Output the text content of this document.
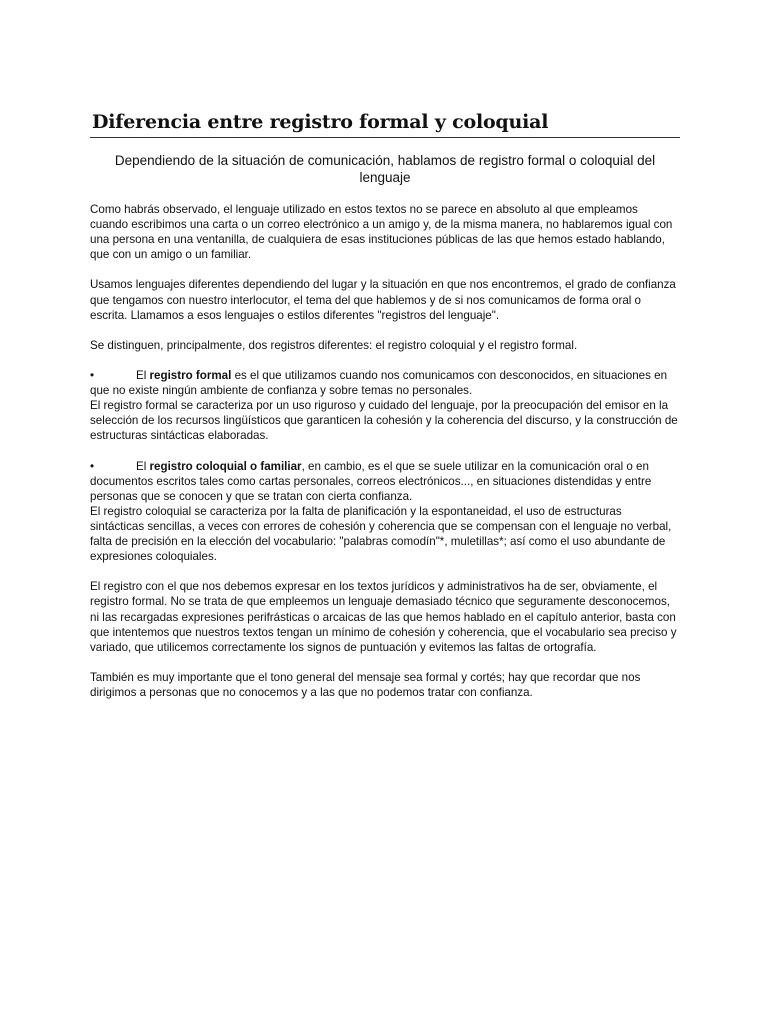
Diferencia entre registro formal y coloquial

Dependiendo de la situación de comunicación, hablamos de registro formal o coloquial del lenguaje

Como habrás observado, el lenguaje utilizado en estos textos no se parece en absoluto al que empleamos cuando escribimos una carta o un correo electrónico a un amigo y, de la misma manera, no hablaremos igual con una persona en una ventanilla, de cualquiera de esas instituciones públicas de las que hemos estado hablando, que con un amigo o un familiar.

Usamos lenguajes diferentes dependiendo del lugar y la situación en que nos encontremos, el grado de confianza que tengamos con nuestro interlocutor, el tema del que hablemos y de si nos comunicamos de forma oral o escrita. Llamamos a esos lenguajes o estilos diferentes "registros del lenguaje".

Se distinguen, principalmente, dos registros diferentes: el registro coloquial y el registro formal.

•	El registro formal es el que utilizamos cuando nos comunicamos con desconocidos, en situaciones en que no existe ningún ambiente de confianza y sobre temas no personales.
El registro formal se caracteriza por un uso riguroso y cuidado del lenguaje, por la preocupación del emisor en la selección de los recursos lingüísticos que garanticen la cohesión y la coherencia del discurso, y la construcción de estructuras sintácticas elaboradas.

•	El registro coloquial o familiar, en cambio, es el que se suele utilizar en la comunicación oral o en documentos escritos tales como cartas personales, correos electrónicos..., en situaciones distendidas y entre personas que se conocen y que se tratan con cierta confianza.
El registro coloquial se caracteriza por la falta de planificación y la espontaneidad, el uso de estructuras sintácticas sencillas, a veces con errores de cohesión y coherencia que se compensan con el lenguaje no verbal, falta de precisión en la elección del vocabulario: "palabras comodín"*, muletillas*; así como el uso abundante de expresiones coloquiales.

El registro con el que nos debemos expresar en los textos jurídicos y administrativos ha de ser, obviamente, el registro formal. No se trata de que empleemos un lenguaje demasiado técnico que seguramente desconocemos, ni las recargadas expresiones perifrásticas o arcaicas de las que hemos hablado en el capítulo anterior, basta con que intentemos que nuestros textos tengan un mínimo de cohesión y coherencia, que el vocabulario sea preciso y variado, que utilicemos correctamente los signos de puntuación y evitemos las faltas de ortografía.

También es muy importante que el tono general del mensaje sea formal y cortés; hay que recordar que nos dirigimos a personas que no conocemos y a las que no podemos tratar con confianza.
